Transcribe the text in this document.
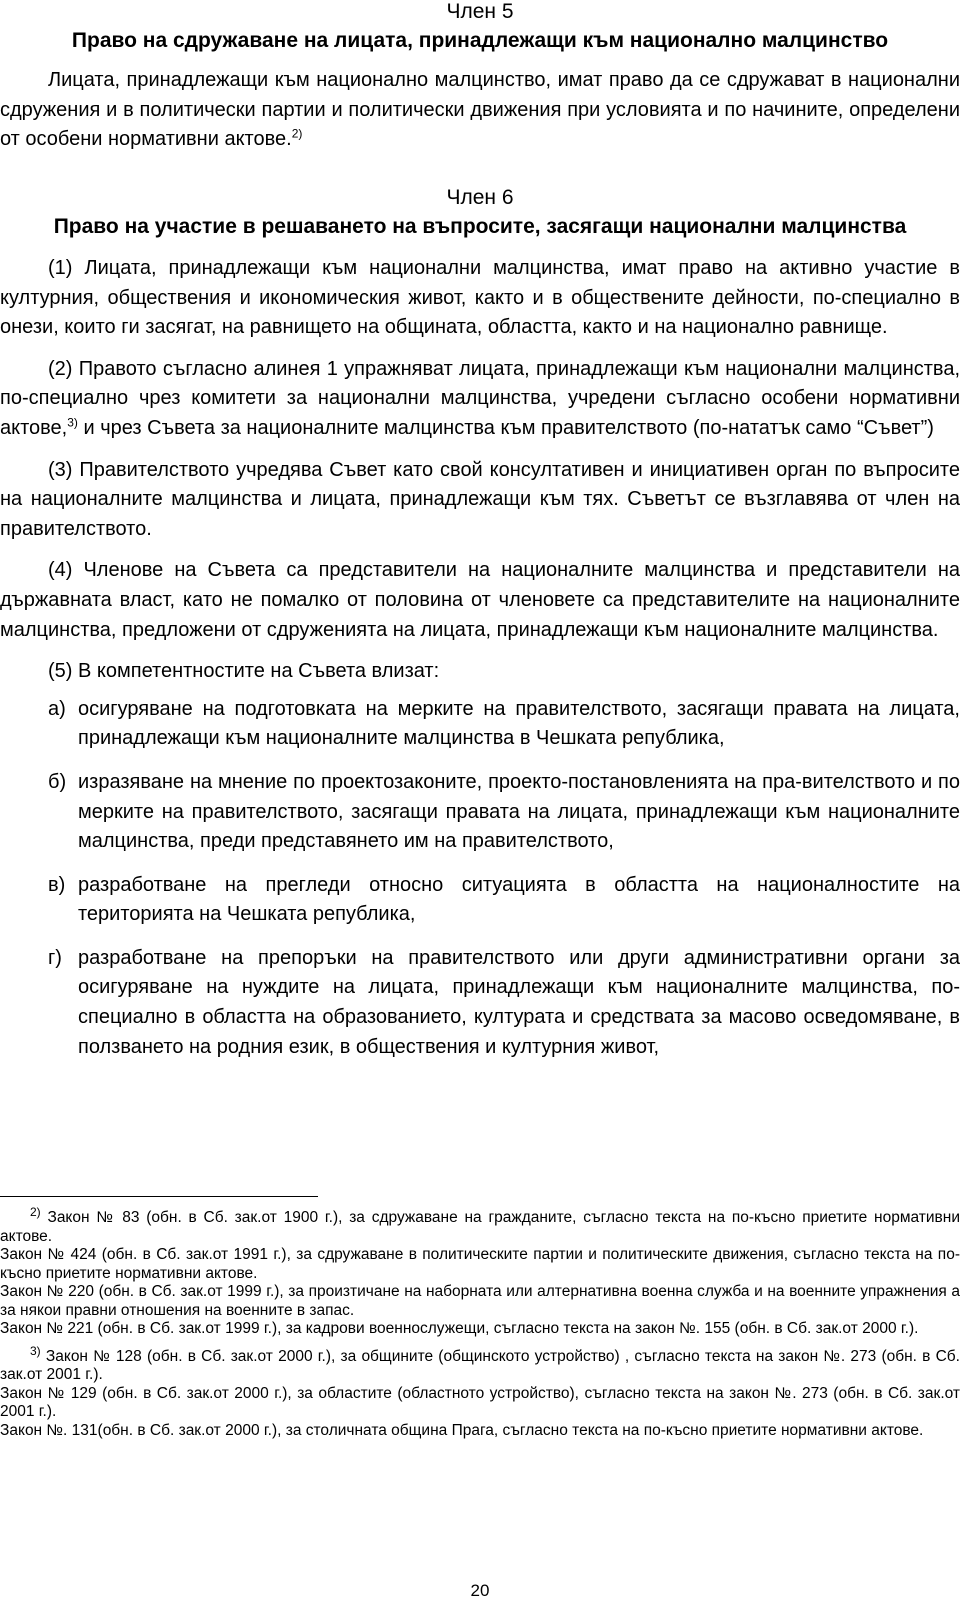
Член 5

Право на сдружаване на лицата, принадлежащи към национално малцинство

Лицата, принадлежащи към национално малцинство, имат право да се сдружават в национални сдружения и в политически партии и политически движения при условията и по начините, определени от особени нормативни актове.$^{2)}$

Член 6

Право на участие в решаването на въпросите, засягащи национални малцинства

(1) Лицата, принадлежащи към национални малцинства, имат право на активно участие в културния, обществения и икономическия живот, както и в обществените дейности, по-специално в онези, които ги засягат, на равнището на общината, областта, както и на национално равнище.

(2) Правото съгласно алинея 1 упражняват лицата, принадлежащи към национални малцинства, по-специално чрез комитети за национални малцинства, учредени съгласно особени нормативни актове,$^{3)}$ и чрез Съвета за националните малцинства към правителството (по-нататък само “Съвет”)

(3) Правителството учредява Съвет като свой консултативен и инициативен орган по въпросите на националните малцинства и лицата, принадлежащи към тях. Съветът се възглавява от член на правителството.

(4) Членове на Съвета са представители на националните малцинства и представители на държавната власт, като не помалко от половина от членовете са представителите на националните малцинства, предложени от сдруженията на лицата, принадлежащи към националните малцинства.

(5) В компетентностите на Съвета влизат:

а) осигуряване на подготовката на мерките на правителството, засягащи правата на лицата, принадлежащи към националните малцинства в Чешката република,

б) изразяване на мнение по проектозаконите, проекто-постановленията на пра-вителството и по мерките на правителството, засягащи правата на лицата, принадлежащи към националните малцинства, преди представянето им на правителството,

в) разработване на прегледи относно ситуацията в областта на националностите на територията на Чешката република,

г) разработване на препоръки на правителството или други административни органи за осигуряване на нуждите на лицата, принадлежащи към националните малцинства, по-специално в областта на образованието, културата и средствата за масово осведомяване, в ползването на родния език, в обществения и културния живот,

$^{2)}$ Закон № 83 (обн. в Сб. зак.от 1900 г.), за сдружаване на гражданите, съгласно текста на по-късно приетите нормативни актове.

Закон № 424 (обн. в Сб. зак.от 1991 г.), за сдружаване в политическите партии и политическите движения, съгласно текста на по-късно приетите нормативни актове.

Закон № 220 (обн. в Сб. зак.от 1999 г.), за произтичане на наборната или алтернативна военна служба и на военните упражнения а за някои правни отношения на военните в запас.

Закон № 221 (обн. в Сб. зак.от 1999 г.), за кадрови военнослужещи, съгласно текста на закон №. 155 (обн. в Сб. зак.от 2000 г.).

$^{3)}$ Закон № 128 (обн. в Сб. зак.от 2000 г.), за общините (общинското устройство) , съгласно текста на закон №. 273 (обн. в Сб. зак.от 2001 г.).

Закон № 129 (обн. в Сб. зак.от 2000 г.), за областите (областното устройство), съгласно текста на закон №. 273 (обн. в Сб. зак.от 2001 г.).

Закон №. 131(обн. в Сб. зак.от 2000 г.), за столичната община Прага, съгласно текста на по-късно приетите нормативни актове.

20
